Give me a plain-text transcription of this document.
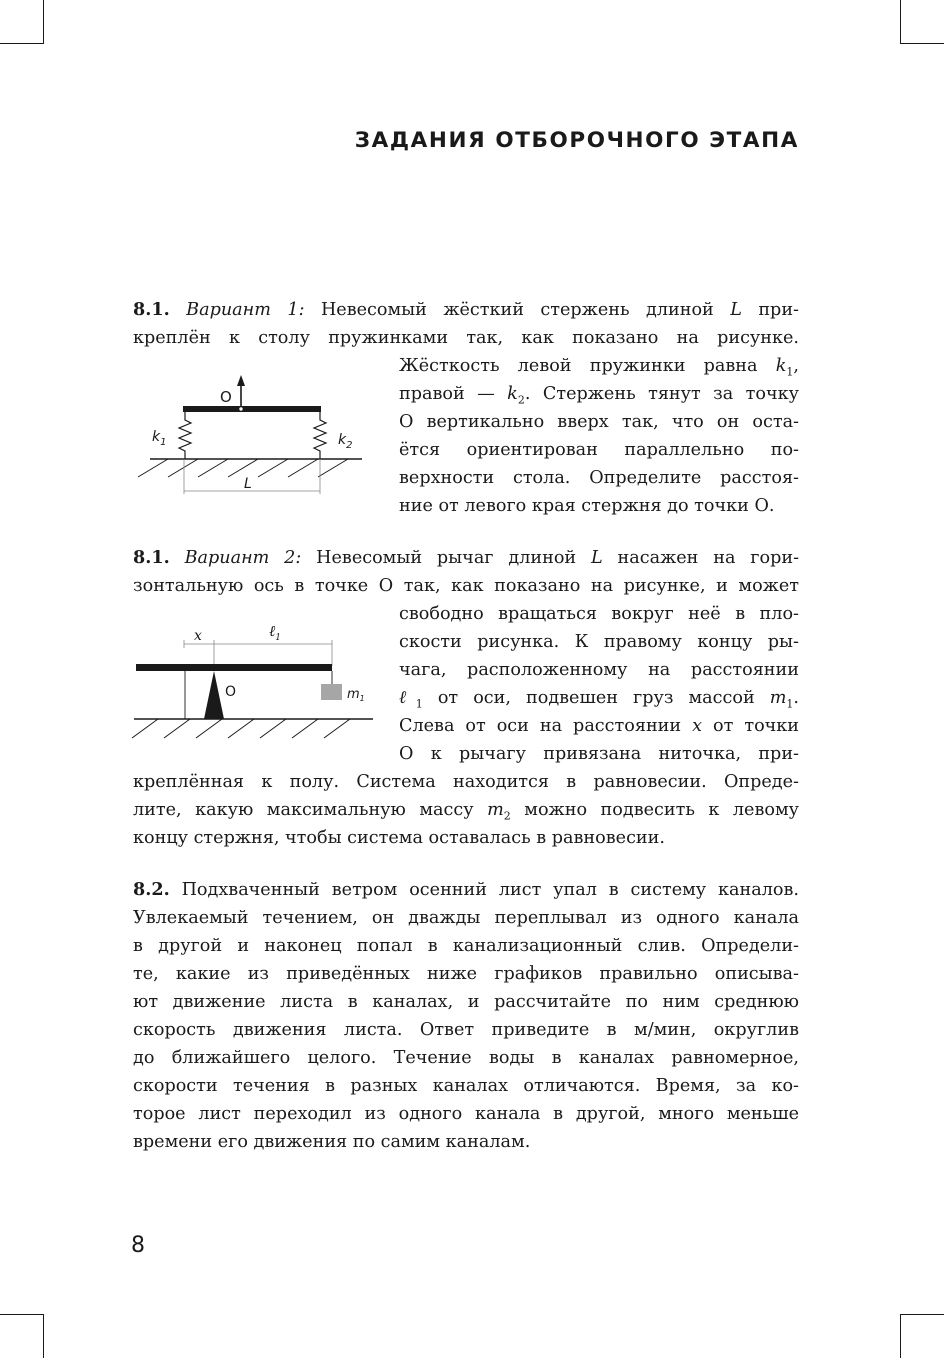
ЗАДАНИЯ ОТБОРОЧНОГО ЭТАПА
8.1. Вариант 1: Невесомый жёсткий стержень длиной L при-
креплён к столу пружинками так, как показано на рисунке.
Жёсткость левой пружинки равна $k_1$,
правой — $k_2$. Стержень тянут за точку
О вертикально вверх так, что он оста-
ётся ориентирован параллельно по-
верхности стола. Определите расстоя-
ние от левого края стержня до точки О.
O
$k_1$	$k_2$
L
8.1. Вариант 2: Невесомый рычаг длиной L насажен на гори-
зонтальную ось в точке О так, как показано на рисунке, и может
свободно вращаться вокруг неё в пло-
скости рисунка. К правому концу ры-
чага, расположенному на расстоянии
ℓ$_1$ от оси, подвешен груз массой $m_1$.
Слева от оси на расстоянии x от точки
О к рычагу привязана ниточка, при-
креплённая к полу. Система находится в равновесии. Опреде-
лите, какую максимальную массу $m_2$ можно подвесить к левому
концу стержня, чтобы система оставалась в равновесии.
x	ℓ$_1$
O	$m_1$
8.2. Подхваченный ветром осенний лист упал в систему каналов.
Увлекаемый течением, он дважды переплывал из одного канала
в другой и наконец попал в канализационный слив. Определи-
те, какие из приведённых ниже графиков правильно описыва-
ют движение листа в каналах, и рассчитайте по ним среднюю
скорость движения листа. Ответ приведите в м/мин, округлив
до ближайшего целого. Течение воды в каналах равномерное,
скорости течения в разных каналах отличаются. Время, за ко-
торое лист переходил из одного канала в другой, много меньше
времени его движения по самим каналам.
8
